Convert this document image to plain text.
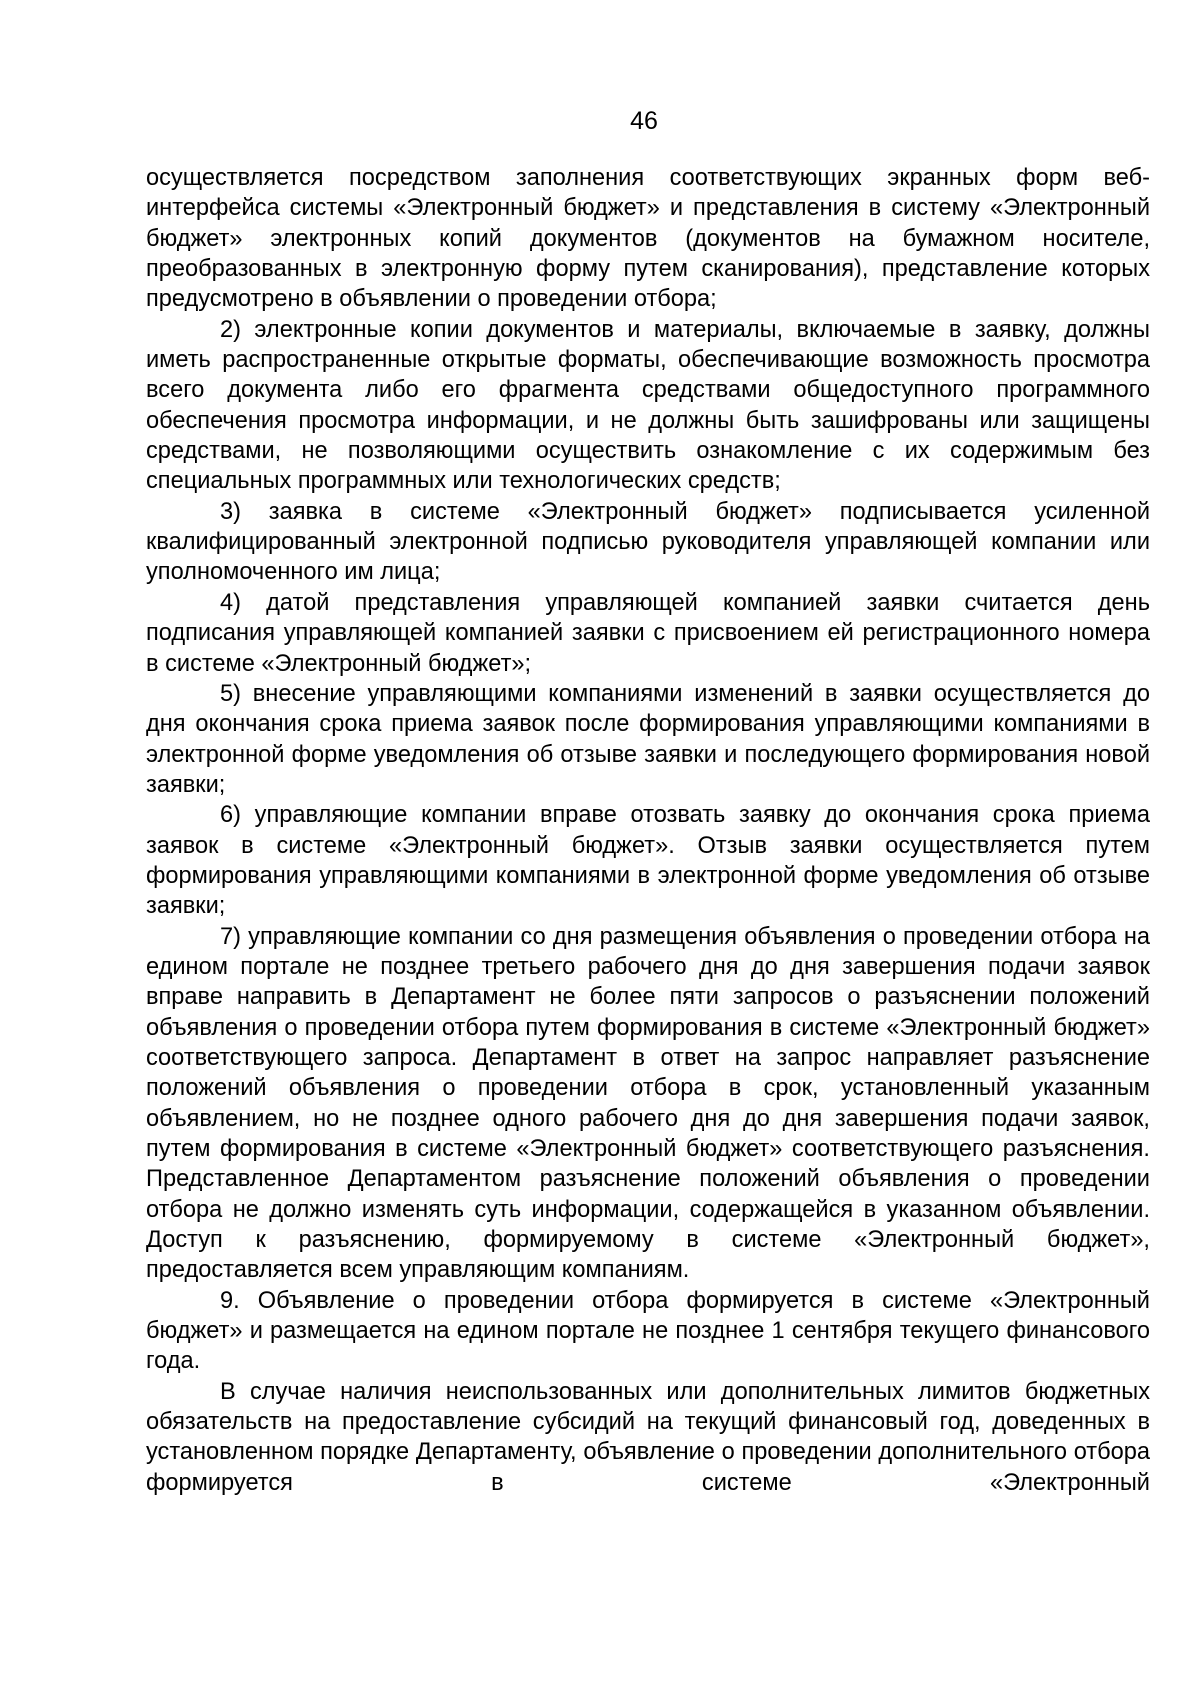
46

осуществляется посредством заполнения соответствующих экранных форм веб-интерфейса системы «Электронный бюджет» и представления в систему «Электронный бюджет» электронных копий документов (документов на бумажном носителе, преобразованных в электронную форму путем сканирования), представление которых предусмотрено в объявлении о проведении отбора;

2) электронные копии документов и материалы, включаемые в заявку, должны иметь распространенные открытые форматы, обеспечивающие возможность просмотра всего документа либо его фрагмента средствами общедоступного программного обеспечения просмотра информации, и не должны быть зашифрованы или защищены средствами, не позволяющими осуществить ознакомление с их содержимым без специальных программных или технологических средств;

3) заявка в системе «Электронный бюджет» подписывается усиленной квалифицированный электронной подписью руководителя управляющей компании или уполномоченного им лица;

4) датой представления управляющей компанией заявки считается день подписания управляющей компанией заявки с присвоением ей регистрационного номера в системе «Электронный бюджет»;

5) внесение управляющими компаниями изменений в заявки осуществляется до дня окончания срока приема заявок после формирования управляющими компаниями в электронной форме уведомления об отзыве заявки и последующего формирования новой заявки;

6) управляющие компании вправе отозвать заявку до окончания срока приема заявок в системе «Электронный бюджет». Отзыв заявки осуществляется путем формирования управляющими компаниями в электронной форме уведомления об отзыве заявки;

7) управляющие компании со дня размещения объявления о проведении отбора на едином портале не позднее третьего рабочего дня до дня завершения подачи заявок вправе направить в Департамент не более пяти запросов о разъяснении положений объявления о проведении отбора путем формирования в системе «Электронный бюджет» соответствующего запроса. Департамент в ответ на запрос направляет разъяснение положений объявления о проведении отбора в срок, установленный указанным объявлением, но не позднее одного рабочего дня до дня завершения подачи заявок, путем формирования в системе «Электронный бюджет» соответствующего разъяснения. Представленное Департаментом разъяснение положений объявления о проведении отбора не должно изменять суть информации, содержащейся в указанном объявлении. Доступ к разъяснению, формируемому в системе «Электронный бюджет», предоставляется всем управляющим компаниям.

9. Объявление о проведении отбора формируется в системе «Электронный бюджет» и размещается на едином портале не позднее 1 сентября текущего финансового года.

В случае наличия неиспользованных или дополнительных лимитов бюджетных обязательств на предоставление субсидий на текущий финансовый год, доведенных в установленном порядке Департаменту, объявление о проведении дополнительного отбора формируется в системе «Электронный
